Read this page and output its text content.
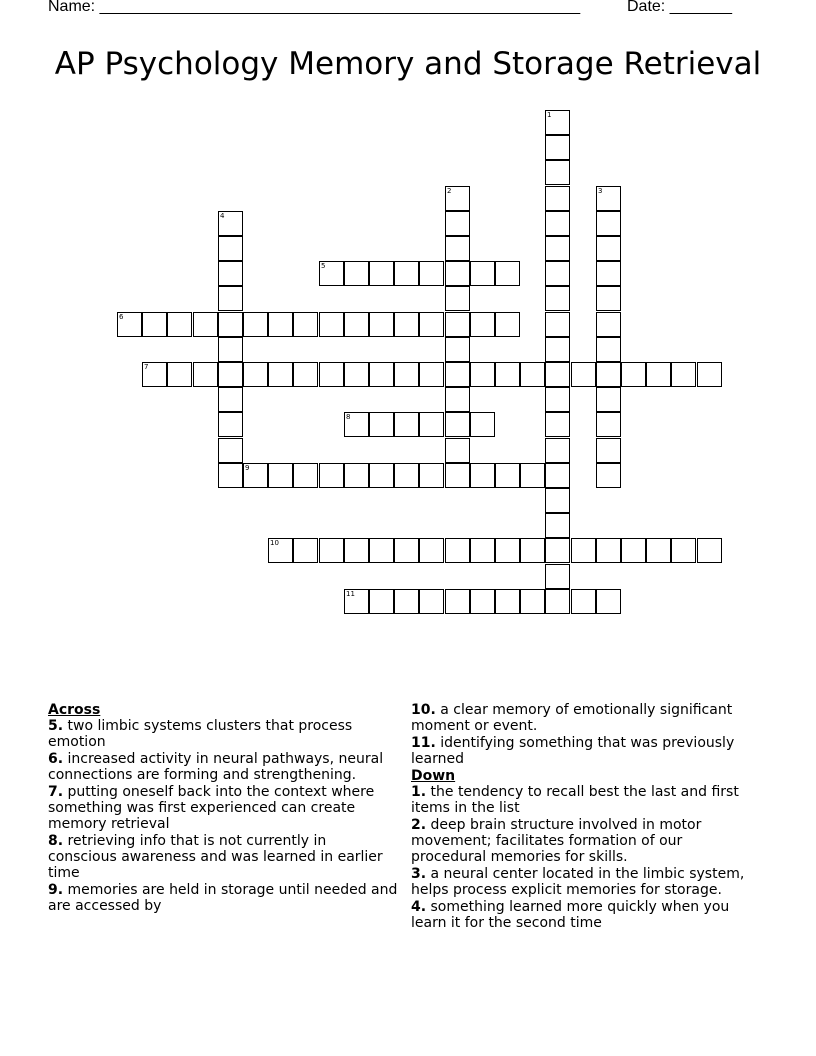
Name: ______________________________________________________	Date: _______
AP Psychology Memory and Storage Retrieval
1
2	3
4
5
6
7
8
9
10
11

Across

5. two limbic systems clusters that process emotion

6. increased activity in neural pathways, neural connections are forming and strengthening.

7. putting oneself back into the context where something was first experienced can create memory retrieval

8. retrieving info that is not currently in conscious awareness and was learned in earlier time

9. memories are held in storage until needed and are accessed by

10. a clear memory of emotionally significant moment or event.

11. identifying something that was previously learned

Down

1. the tendency to recall best the last and first items in the list

2. deep brain structure involved in motor movement; facilitates formation of our procedural memories for skills.

3. a neural center located in the limbic system, helps process explicit memories for storage.

4. something learned more quickly when you learn it for the second time
